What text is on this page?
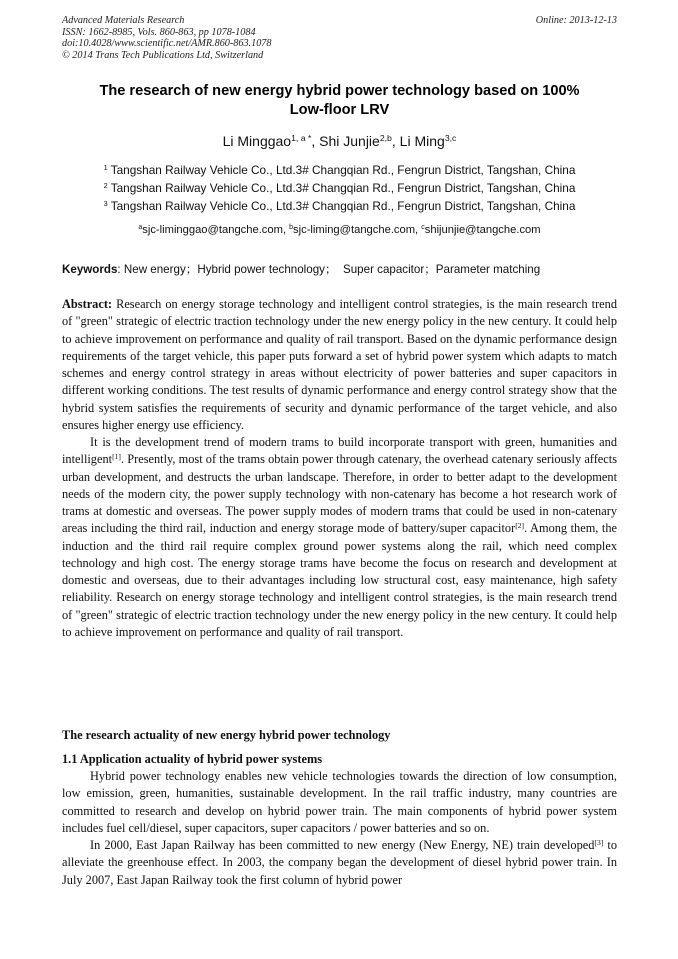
Advanced Materials Research
ISSN: 1662-8985, Vols. 860-863, pp 1078-1084
doi:10.4028/www.scientific.net/AMR.860-863.1078
© 2014 Trans Tech Publications Ltd, Switzerland
Online: 2013-12-13
The research of new energy hybrid power technology based on 100%
Low-floor LRV
Li Minggao$^{1, a *}$, Shi Junjie$^{2,b}$, Li Ming$^{3,c}$
$^1$ Tangshan Railway Vehicle Co., Ltd.3# Changqian Rd., Fengrun District, Tangshan, China
$^2$ Tangshan Railway Vehicle Co., Ltd.3# Changqian Rd., Fengrun District, Tangshan, China
$^3$ Tangshan Railway Vehicle Co., Ltd.3# Changqian Rd., Fengrun District, Tangshan, China
$^a$sjc-liminggao@tangche.com, $^b$sjc-liming@tangche.com, $^c$shijunjie@tangche.com
Keywords: New energy；Hybrid power technology；  Super capacitor；Parameter matching

Abstract: Research on energy storage technology and intelligent control strategies, is the main research trend of "green" strategic of electric traction technology under the new energy policy in the new century. It could help to achieve improvement on performance and quality of rail transport. Based on the dynamic performance design requirements of the target vehicle, this paper puts forward a set of hybrid power system which adapts to match schemes and energy control strategy in areas without electricity of power batteries and super capacitors in different working conditions. The test results of dynamic performance and energy control strategy show that the hybrid system satisfies the requirements of security and dynamic performance of the target vehicle, and also ensures higher energy use efficiency.

It is the development trend of modern trams to build incorporate transport with green, humanities and intelligent[1]. Presently, most of the trams obtain power through catenary, the overhead catenary seriously affects urban development, and destructs the urban landscape. Therefore, in order to better adapt to the development needs of the modern city, the power supply technology with non-catenary has become a hot research work of trams at domestic and overseas. The power supply modes of modern trams that could be used in non-catenary areas including the third rail, induction and energy storage mode of battery/super capacitor[2]. Among them, the induction and the third rail require complex ground power systems along the rail, which need complex technology and high cost. The energy storage trams have become the focus on research and development at domestic and overseas, due to their advantages including low structural cost, easy maintenance, high safety reliability. Research on energy storage technology and intelligent control strategies, is the main research trend of "green" strategic of electric traction technology under the new energy policy in the new century. It could help to achieve improvement on performance and quality of rail transport.

The research actuality of new energy hybrid power technology
1.1 Application actuality of hybrid power systems

Hybrid power technology enables new vehicle technologies towards the direction of low consumption, low emission, green, humanities, sustainable development. In the rail traffic industry, many countries are committed to research and develop on hybrid power train. The main components of hybrid power system includes fuel cell/diesel, super capacitors, super capacitors / power batteries and so on.

In 2000, East Japan Railway has been committed to new energy (New Energy, NE) train developed[3] to alleviate the greenhouse effect. In 2003, the company began the development of diesel hybrid power train. In July 2007, East Japan Railway took the first column of hybrid power
